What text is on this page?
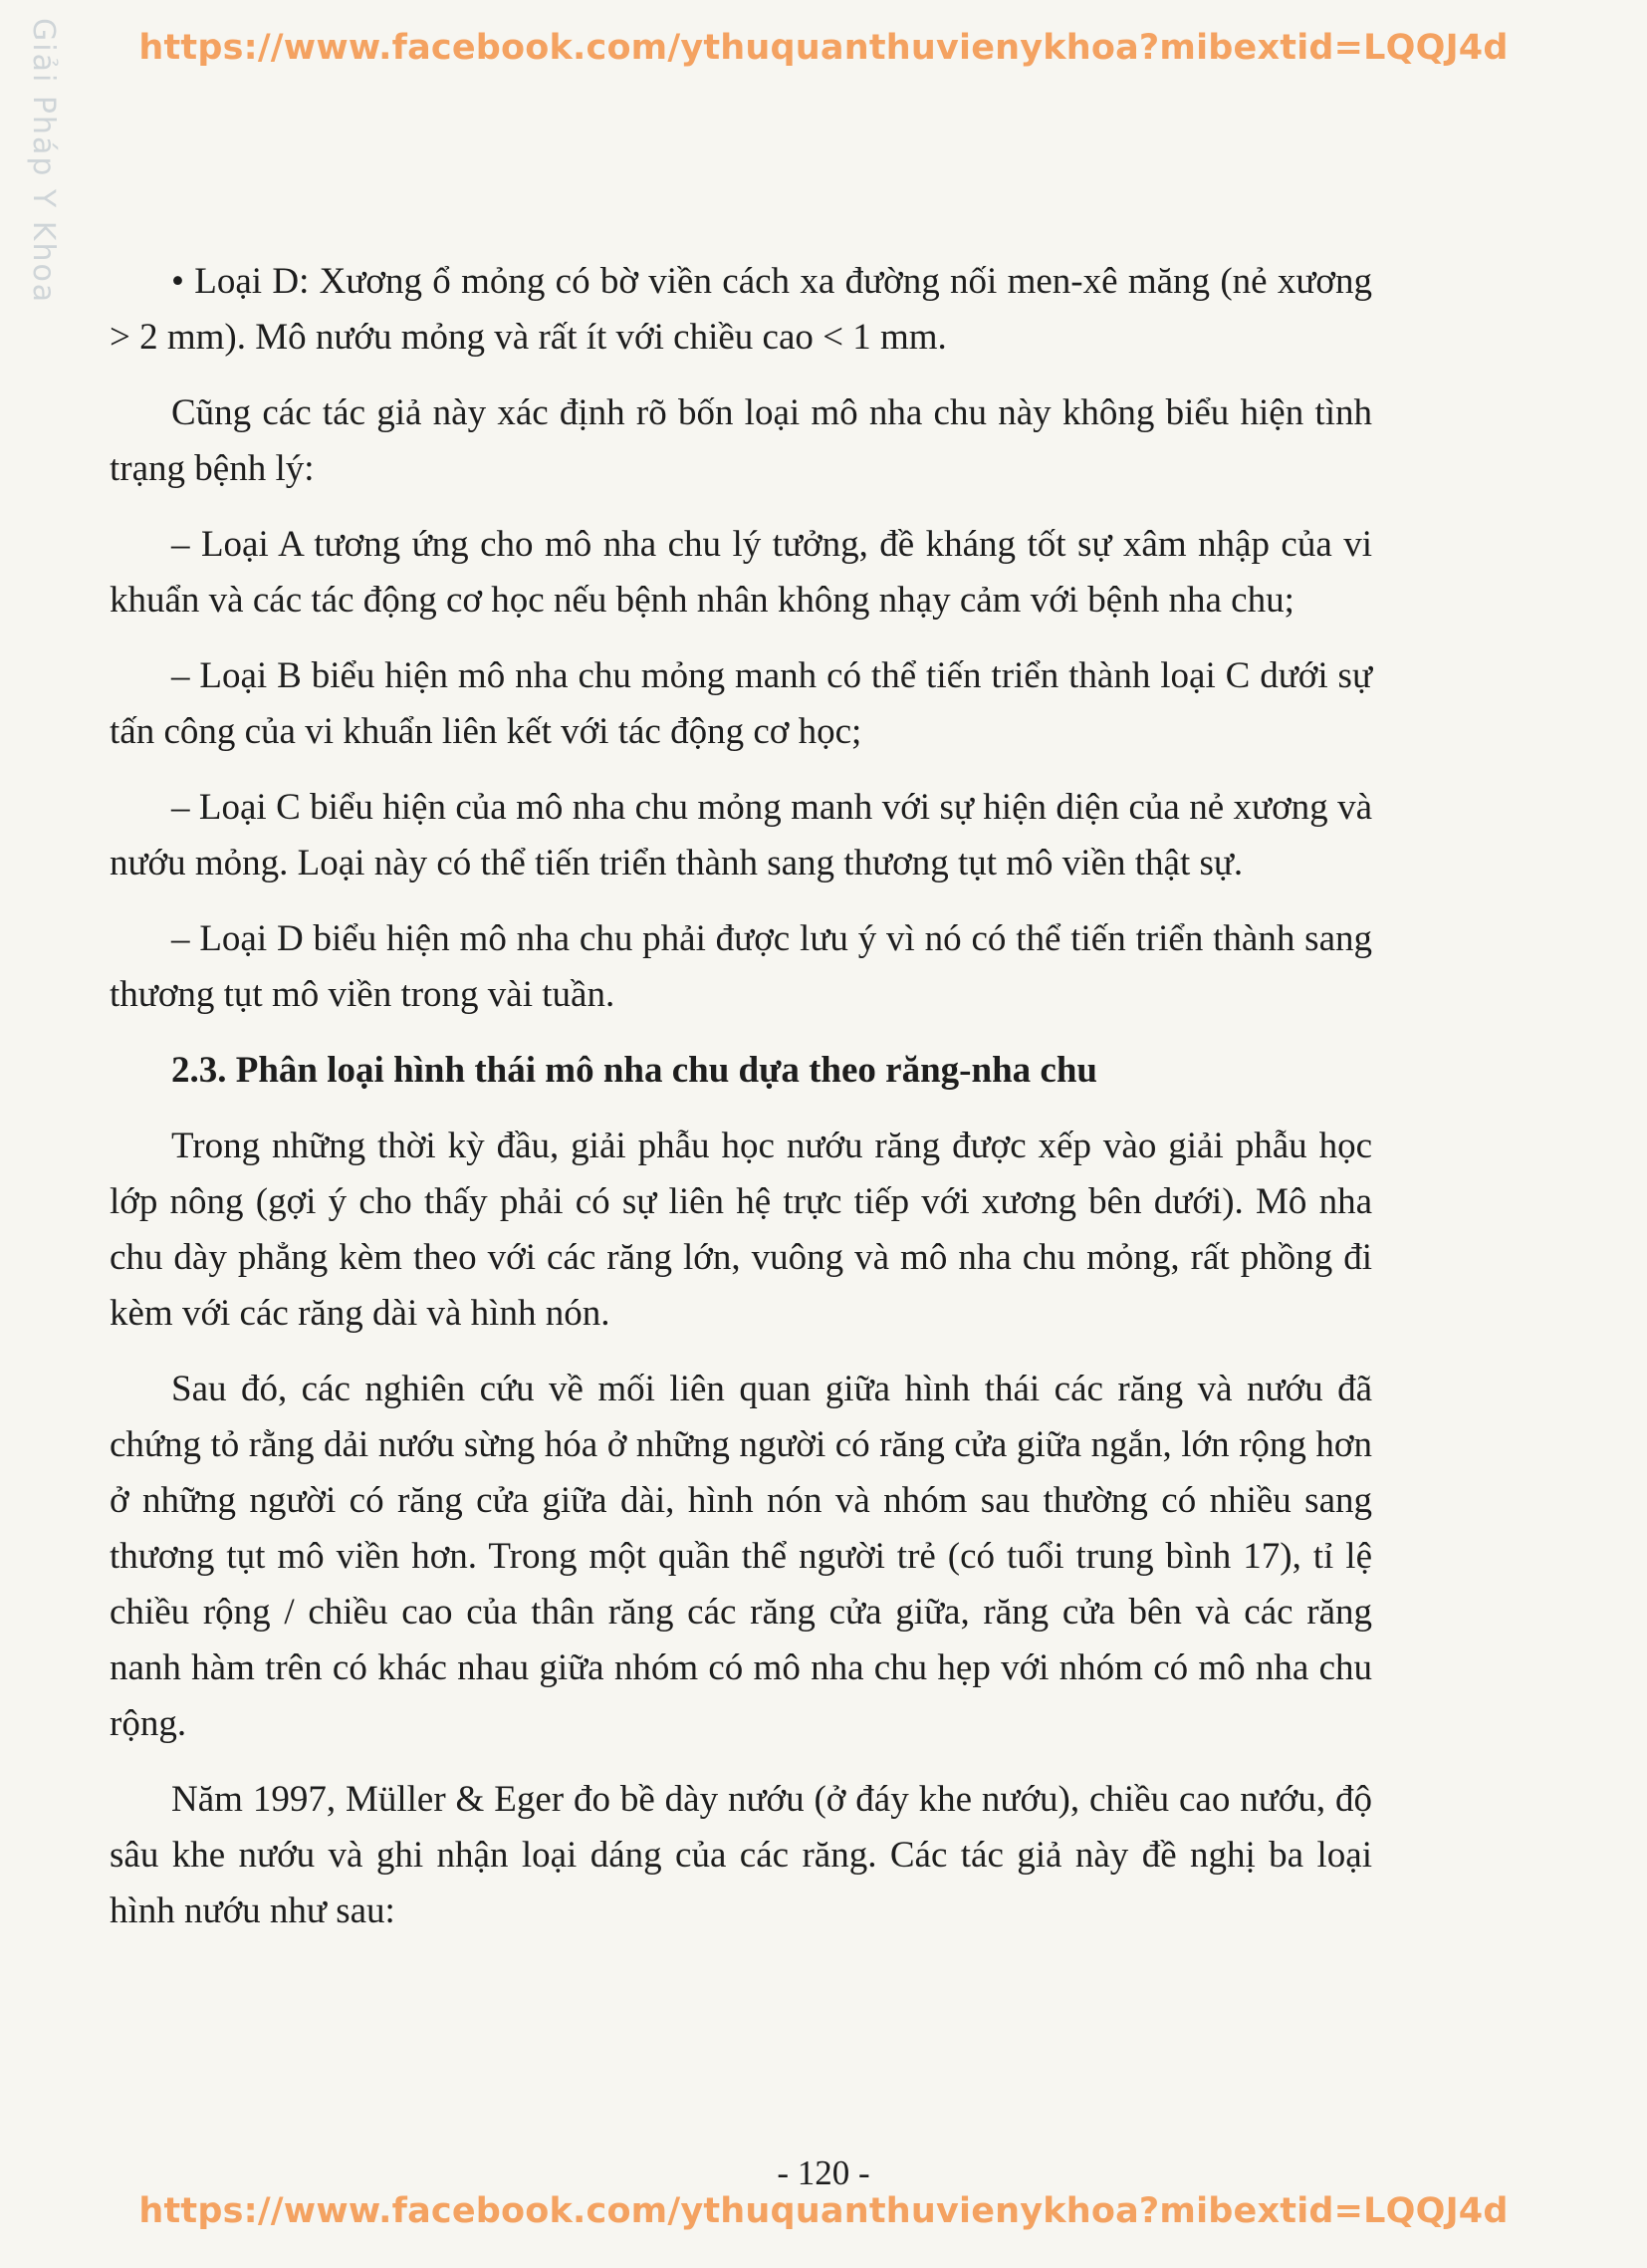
https://www.facebook.com/ythuquanthuvienykhoa?mibextid=LQQJ4d
Giải Pháp Y Khoa	• Loại D: Xương ổ mỏng có bờ viền cách xa đường nối men-xê măng (nẻ xương > 2 mm). Mô nướu mỏng và rất ít với chiều cao < 1 mm.

Cũng các tác giả này xác định rõ bốn loại mô nha chu này không biểu hiện tình trạng bệnh lý:

– Loại A tương ứng cho mô nha chu lý tưởng, đề kháng tốt sự xâm nhập của vi khuẩn và các tác động cơ học nếu bệnh nhân không nhạy cảm với bệnh nha chu;

– Loại B biểu hiện mô nha chu mỏng manh có thể tiến triển thành loại C dưới sự tấn công của vi khuẩn liên kết với tác động cơ học;

– Loại C biểu hiện của mô nha chu mỏng manh với sự hiện diện của nẻ xương và nướu mỏng. Loại này có thể tiến triển thành sang thương tụt mô viền thật sự.

– Loại D biểu hiện mô nha chu phải được lưu ý vì nó có thể tiến triển thành sang thương tụt mô viền trong vài tuần.

2.3. Phân loại hình thái mô nha chu dựa theo răng-nha chu

Trong những thời kỳ đầu, giải phẫu học nướu răng được xếp vào giải phẫu học lớp nông (gợi ý cho thấy phải có sự liên hệ trực tiếp với xương bên dưới). Mô nha chu dày phẳng kèm theo với các răng lớn, vuông và mô nha chu mỏng, rất phồng đi kèm với các răng dài và hình nón.

Sau đó, các nghiên cứu về mối liên quan giữa hình thái các răng và nướu đã chứng tỏ rằng dải nướu sừng hóa ở những người có răng cửa giữa ngắn, lớn rộng hơn ở những người có răng cửa giữa dài, hình nón và nhóm sau thường có nhiều sang thương tụt mô viền hơn. Trong một quần thể người trẻ (có tuổi trung bình 17), tỉ lệ chiều rộng / chiều cao của thân răng các răng cửa giữa, răng cửa bên và các răng nanh hàm trên có khác nhau giữa nhóm có mô nha chu hẹp với nhóm có mô nha chu rộng.

Năm 1997, Müller & Eger đo bề dày nướu (ở đáy khe nướu), chiều cao nướu, độ sâu khe nướu và ghi nhận loại dáng của các răng. Các tác giả này đề nghị ba loại hình nướu như sau:

- 120 -
https://www.facebook.com/ythuquanthuvienykhoa?mibextid=LQQJ4d
